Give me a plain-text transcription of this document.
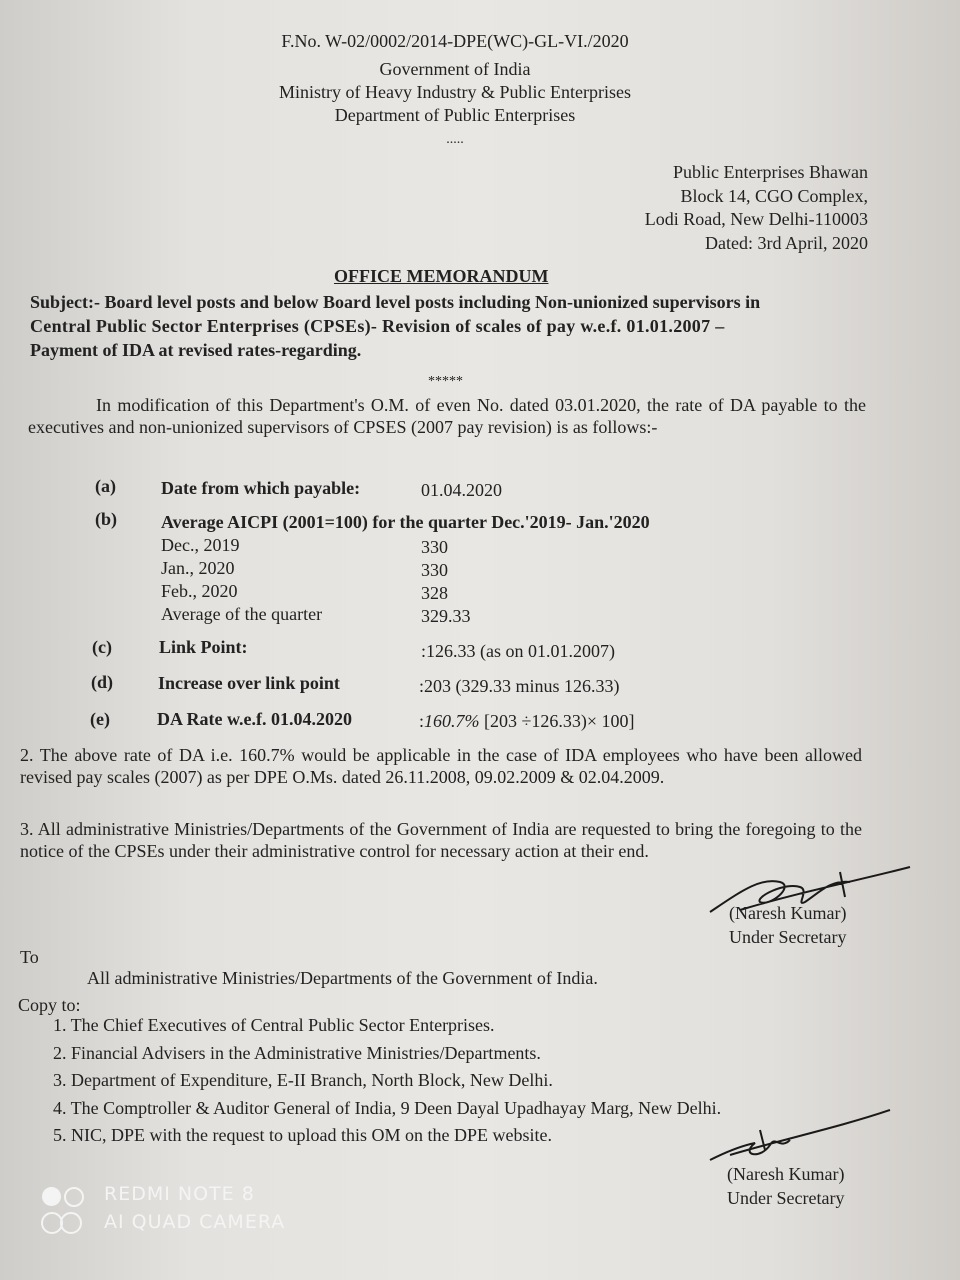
F.No. W-02/0002/2014-DPE(WC)-GL-VI./2020
Government of India
Ministry of Heavy Industry & Public Enterprises
Department of Public Enterprises
.....
Public Enterprises Bhawan
Block 14, CGO Complex,
Lodi Road, New Delhi-110003
Dated: 3rd April, 2020
OFFICE MEMORANDUM
Subject:- Board level posts and below Board level posts including Non-unionized supervisors in
Central Public Sector Enterprises (CPSEs)- Revision of scales of pay w.e.f. 01.01.2007 –
Payment of IDA at revised rates-regarding.
*****
In modification of this Department's O.M. of even No. dated 03.01.2020, the rate of DA payable to the executives and non-unionized supervisors of CPSES (2007 pay revision) is as follows:-
(a)	Date from which payable:	01.04.2020
(b) Average AICPI (2001=100) for the quarter Dec.'2019- Jan.'2020
Dec., 2019	330
Jan., 2020	330
Feb., 2020	328
Average of the quarter	329.33
(c)	Link Point:	:126.33 (as on 01.01.2007)
(d)	Increase over link point	:203 (329.33 minus 126.33)
(e)	DA Rate w.e.f. 01.04.2020	:160.7% [203 ÷126.33)× 100]
2. The above rate of DA i.e. 160.7% would be applicable in the case of IDA employees who have been allowed revised pay scales (2007) as per DPE O.Ms. dated 26.11.2008, 09.02.2009 & 02.04.2009.
3. All administrative Ministries/Departments of the Government of India are requested to bring the foregoing to the notice of the CPSEs under their administrative control for necessary action at their end.
(Naresh Kumar)
Under Secretary
To
All administrative Ministries/Departments of the Government of India.
Copy to:
1. The Chief Executives of Central Public Sector Enterprises.
2. Financial Advisers in the Administrative Ministries/Departments.
3. Department of Expenditure, E-II Branch, North Block, New Delhi.
4. The Comptroller & Auditor General of India, 9 Deen Dayal Upadhayay Marg, New Delhi.
5. NIC, DPE with the request to upload this OM on the DPE website.
(Naresh Kumar)
Under Secretary
REDMI NOTE 8
AI QUAD CAMERA
